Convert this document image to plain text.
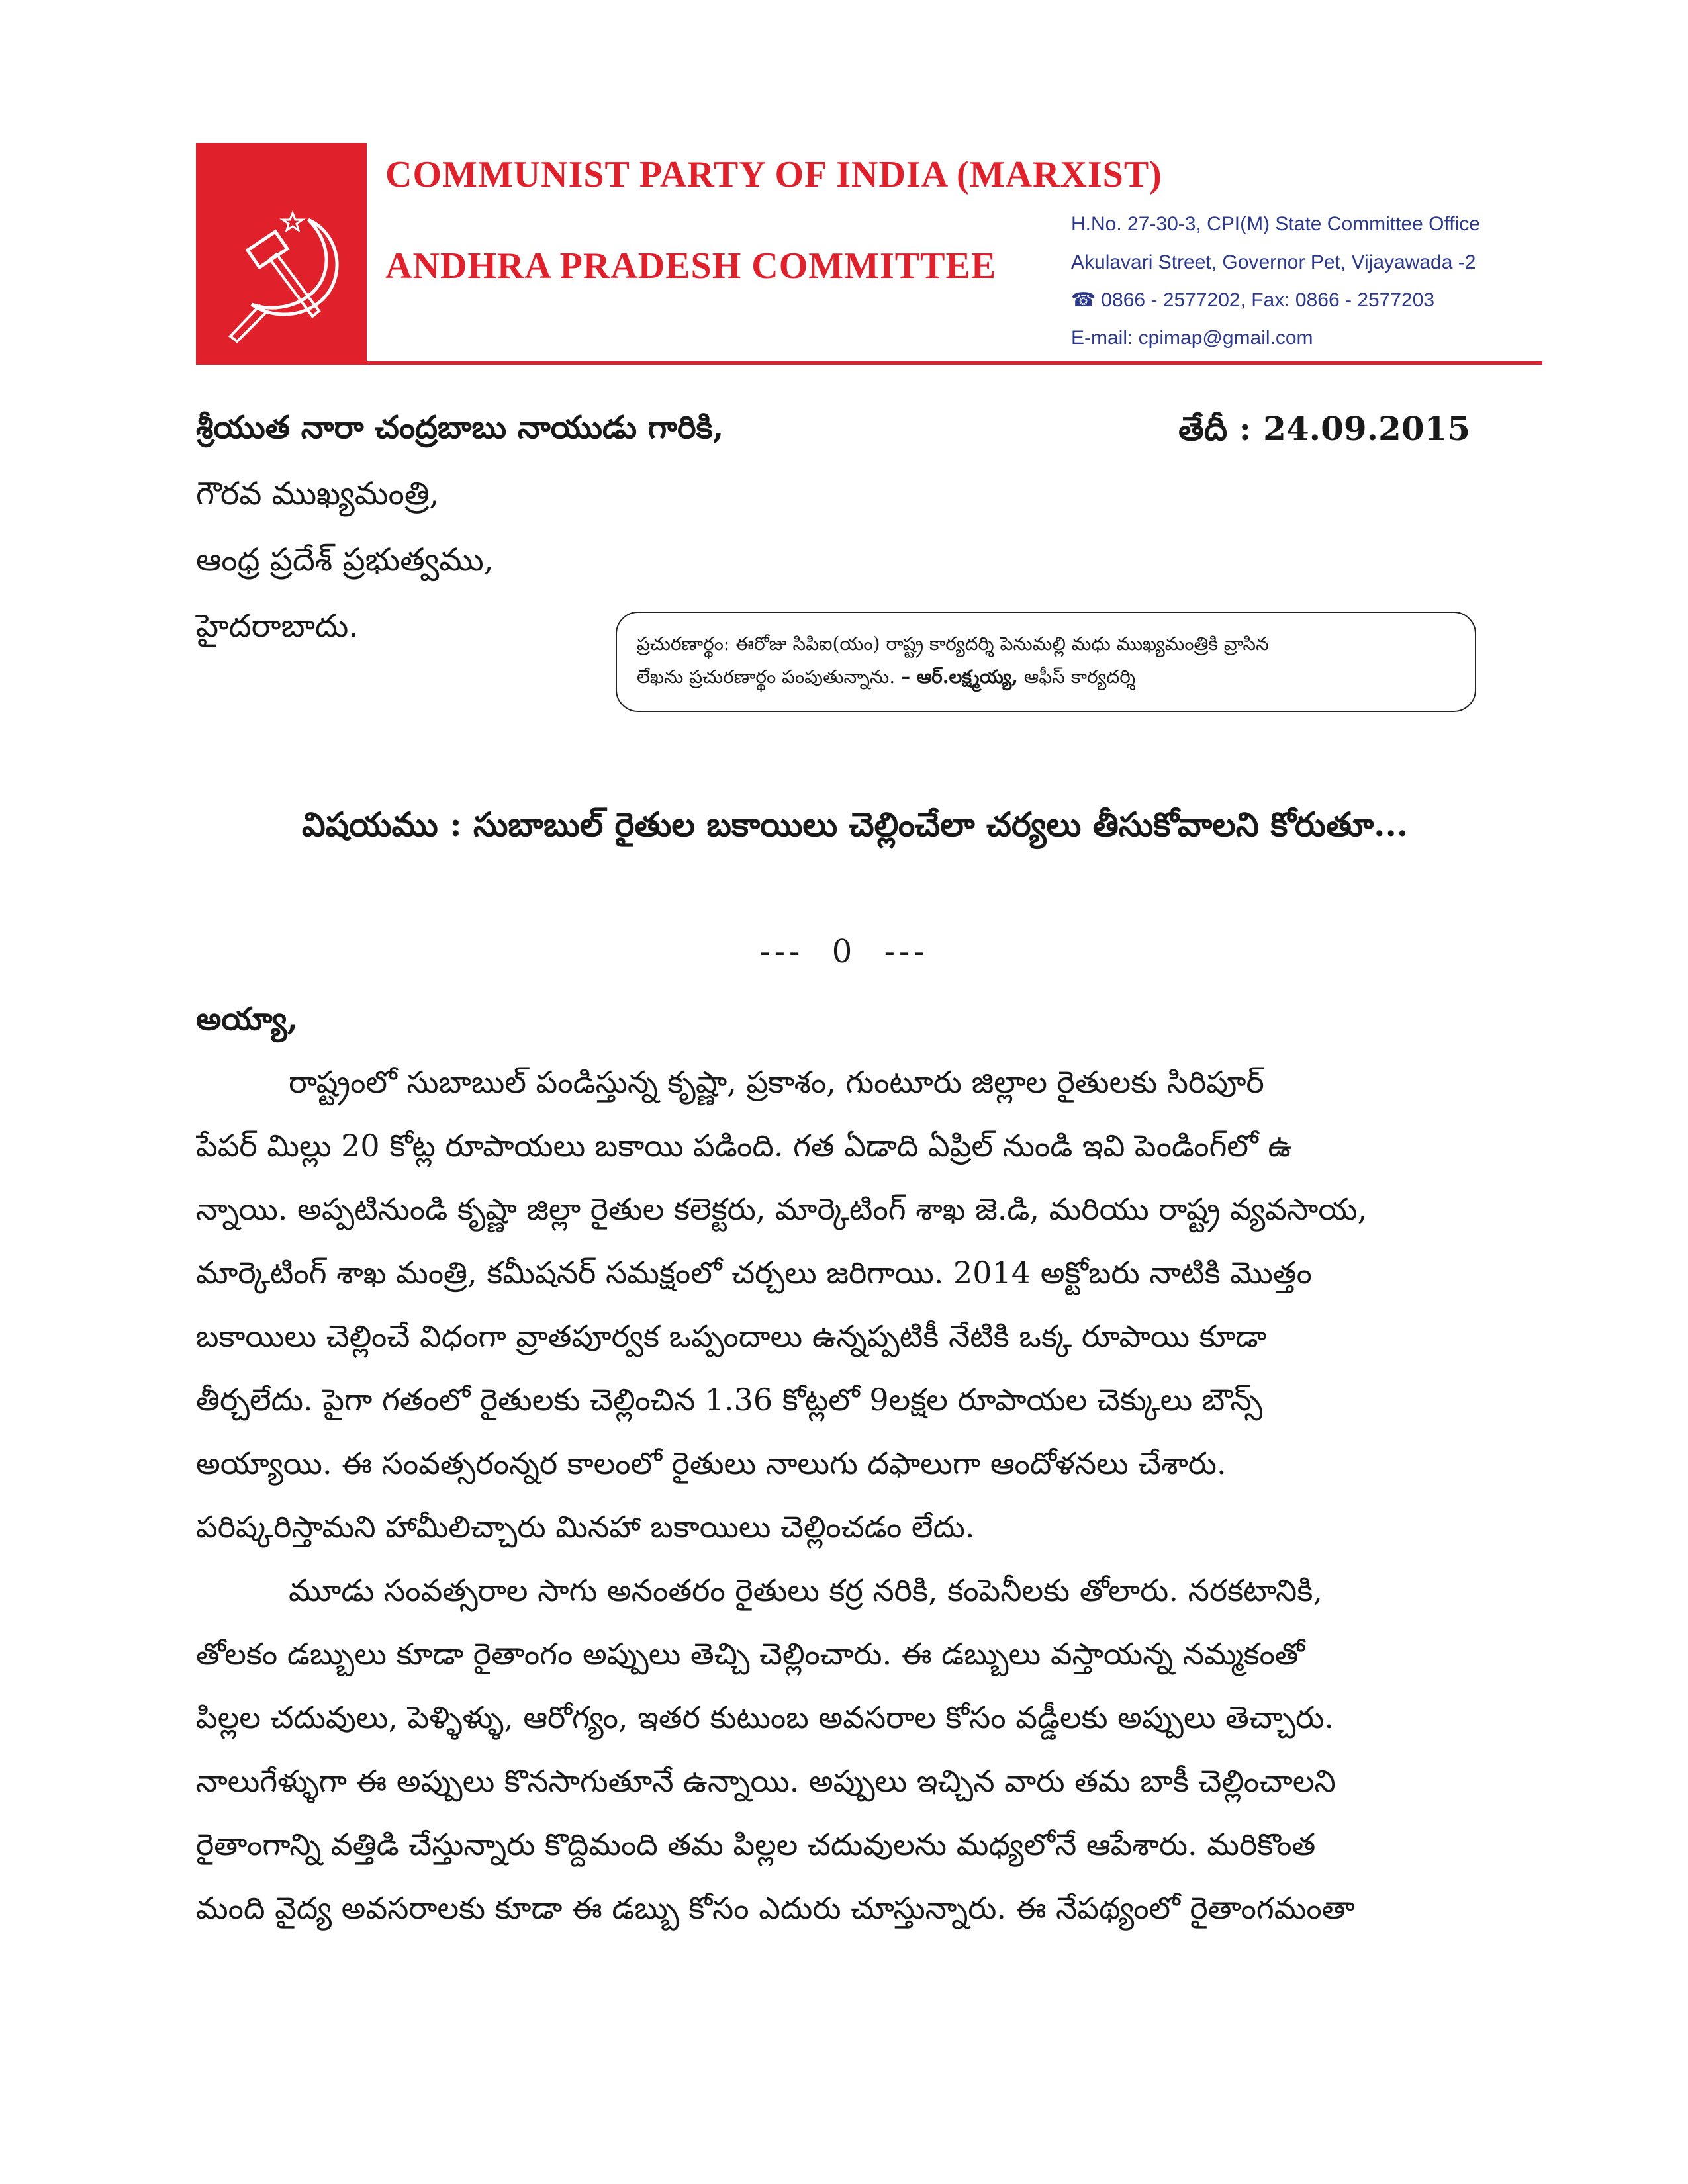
COMMUNIST PARTY OF INDIA (MARXIST)
ANDHRA PRADESH COMMITTEE
H.No. 27-30-3, CPI(M) State Committee Office
Akulavari Street, Governor Pet, Vijayawada -2
☎ 0866 - 2577202, Fax: 0866 - 2577203
E-mail: cpimap@gmail.com
శ్రీయుత నారా చంద్రబాబు నాయుడు గారికి,
గౌరవ ముఖ్యమంత్రి,
ఆంధ్ర ప్రదేశ్ ప్రభుత్వము,
హైదరాబాదు.
తేదీ : 24.09.2015
ప్రచురణార్థం: ఈరోజు సిపిఐ(యం) రాష్ట్ర కార్యదర్శి పెనుమల్లి మధు ముఖ్యమంత్రికి వ్రాసిన
లేఖను ప్రచురణార్థం పంపుతున్నాను. – ఆర్.లక్ష్మయ్య, ఆఫీస్ కార్యదర్శి
విషయము : సుబాబుల్ రైతుల బకాయిలు చెల్లించేలా చర్యలు తీసుకోవాలని కోరుతూ...
---  0  ---
అయ్యా,
రాష్ట్రంలో సుబాబుల్ పండిస్తున్న కృష్ణా, ప్రకాశం, గుంటూరు జిల్లాల రైతులకు సిరిపూర్
పేపర్ మిల్లు 20 కోట్ల రూపాయలు బకాయి పడింది. గత ఏడాది ఏప్రిల్ నుండి ఇవి పెండింగ్‌లో ఉ
న్నాయి. అప్పటినుండి కృష్ణా జిల్లా రైతుల కలెక్టరు, మార్కెటింగ్ శాఖ జె.డి, మరియు రాష్ట్ర వ్యవసాయ,
మార్కెటింగ్ శాఖ మంత్రి, కమీషనర్ సమక్షంలో చర్చలు జరిగాయి. 2014 అక్టోబరు నాటికి మొత్తం
బకాయిలు చెల్లించే విధంగా వ్రాతపూర్వక ఒప్పందాలు ఉన్నప్పటికీ నేటికి ఒక్క రూపాయి కూడా
తీర్చలేదు. పైగా గతంలో రైతులకు చెల్లించిన 1.36 కోట్లలో 9లక్షల రూపాయల చెక్కులు బౌన్స్
అయ్యాయి. ఈ సంవత్సరంన్నర కాలంలో రైతులు నాలుగు దఫాలుగా ఆందోళనలు చేశారు.
పరిష్కరిస్తామని హామీలిచ్చారు మినహా బకాయిలు చెల్లించడం లేదు.
మూడు సంవత్సరాల సాగు అనంతరం రైతులు కర్ర నరికి, కంపెనీలకు తోలారు. నరకటానికి,
తోలకం డబ్బులు కూడా రైతాంగం అప్పులు తెచ్చి చెల్లించారు. ఈ డబ్బులు వస్తాయన్న నమ్మకంతో
పిల్లల చదువులు, పెళ్ళిళ్ళు, ఆరోగ్యం, ఇతర కుటుంబ అవసరాల కోసం వడ్డీలకు అప్పులు తెచ్చారు.
నాలుగేళ్ళుగా ఈ అప్పులు కొనసాగుతూనే ఉన్నాయి. అప్పులు ఇచ్చిన వారు తమ బాకీ చెల్లించాలని
రైతాంగాన్ని వత్తిడి చేస్తున్నారు కొద్దిమంది తమ పిల్లల చదువులను మధ్యలోనే ఆపేశారు. మరికొంత
మంది వైద్య అవసరాలకు కూడా ఈ డబ్బు కోసం ఎదురు చూస్తున్నారు. ఈ నేపథ్యంలో రైతాంగమంతా
